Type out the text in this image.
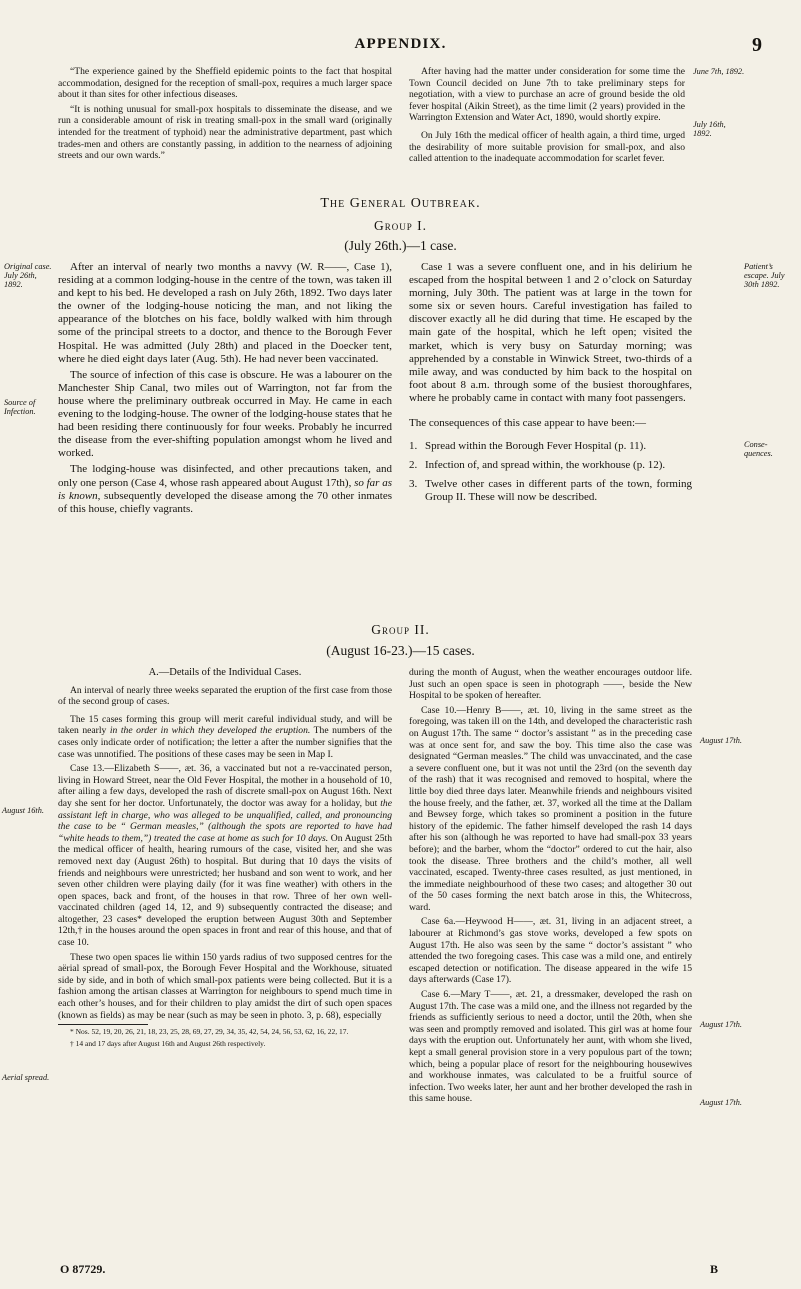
APPENDIX.	9

“The experience gained by the Sheffield epidemic points to the fact that hospital accommodation, designed for the reception of small-pox, requires a much larger space about it than sites for other infectious diseases.

“It is nothing unusual for small-pox hospitals to disseminate the disease, and we run a considerable amount of risk in treating small-pox in the small ward (originally intended for the treatment of typhoid) near the administrative department, past which trades-men and others are constantly passing, in addition to the nearness of adjoining streets and our own wards.”

After having had the matter under consideration for some time the Town Council decided on June 7th to take preliminary steps for negotiation, with a view to purchase an acre of ground beside the old fever hospital (Aikin Street), as the time limit (2 years) provided in the Warrington Extension and Water Act, 1890, would shortly expire.

On July 16th the medical officer of health again, a third time, urged the desirability of more suitable provision for small-pox, and also called attention to the inadequate accommodation for scarlet fever.

June 7th, 1892.
July 16th, 1892.
The General Outbreak.
Group I.
(July 26th.)—1 case.
Original case. July 26th, 1892.
Source of Infection.

After an interval of nearly two months a navvy (W. R——, Case 1), residing at a common lodging-house in the centre of the town, was taken ill and kept to his bed. He developed a rash on July 26th, 1892. Two days later the owner of the lodging-house noticing the man, and not liking the appearance of the blotches on his face, boldly walked with him through some of the principal streets to a doctor, and thence to the Borough Fever Hospital. He was admitted (July 28th) and placed in the Doecker tent, where he died eight days later (Aug. 5th). He had never been vaccinated.

The source of infection of this case is obscure. He was a labourer on the Manchester Ship Canal, two miles out of Warrington, not far from the house where the preliminary outbreak occurred in May. He came in each evening to the lodging-house. The owner of the lodging-house states that he had been residing there continuously for four weeks. Probably he incurred the disease from the ever-shifting population amongst whom he lived and worked.

The lodging-house was disinfected, and other precautions taken, and only one person (Case 4, whose rash appeared about August 17th), so far as is known, subsequently developed the disease among the 70 other inmates of this house, chiefly vagrants.

Case 1 was a severe confluent one, and in his delirium he escaped from the hospital between 1 and 2 o’clock on Saturday morning, July 30th. The patient was at large in the town for some six or seven hours. Careful investigation has failed to discover exactly all he did during that time. He escaped by the main gate of the hospital, which he left open; visited the market, which is very busy on Saturday morning; was apprehended by a constable in Winwick Street, two-thirds of a mile away, and was conducted by him back to the hospital on foot about 8 a.m. through some of the busiest thoroughfares, where he probably came in contact with many foot passengers.

The consequences of this case appear to have been:—

1. Spread within the Borough Fever Hospital (p. 11).

2. Infection of, and spread within, the workhouse (p. 12).

3. Twelve other cases in different parts of the town, forming Group II. These will now be described.

Patient’s escape. July 30th 1892.
Conse-quences.
Group II.
(August 16-23.)—15 cases.
August 16th.
Aerial spread.

A.—Details of the Individual Cases.

An interval of nearly three weeks separated the eruption of the first case from those of the second group of cases.

The 15 cases forming this group will merit careful individual study, and will be taken nearly in the order in which they developed the eruption. The numbers of the cases only indicate order of notification; the letter a after the number signifies that the case was unnotified. The positions of these cases may be seen in Map I.

Case 13.—Elizabeth S——, æt. 36, a vaccinated but not a re-vaccinated person, living in Howard Street, near the Old Fever Hospital, the mother in a household of 10, after ailing a few days, developed the rash of discrete small-pox on August 16th. Next day she sent for her doctor. Unfortunately, the doctor was away for a holiday, but the assistant left in charge, who was alleged to be unqualified, called, and pronouncing the case to be “ German measles,” (although the spots are reported to have had “white heads to them,”) treated the case at home as such for 10 days. On August 25th the medical officer of health, hearing rumours of the case, visited her, and she was removed next day (August 26th) to hospital. But during that 10 days the visits of friends and neighbours were unrestricted; her husband and son went to work, and her seven other children were playing daily (for it was fine weather) with others in the open spaces, back and front, of the houses in that row. Three of her own well-vaccinated children (aged 14, 12, and 9) subsequently contracted the disease; and altogether, 23 cases* developed the eruption between August 30th and September 12th,† in the houses around the open spaces in front and rear of this house, and that of case 10.

These two open spaces lie within 150 yards radius of two supposed centres for the aërial spread of small-pox, the Borough Fever Hospital and the Workhouse, situated side by side, and in both of which small-pox patients were being collected. But it is a fashion among the artisan classes at Warrington for neighbours to spend much time in each other’s houses, and for their children to play amidst the dirt of such open spaces (known as fields) as may be near (such as may be seen in photo. 3, p. 68), especially

* Nos. 52, 19, 20, 26, 21, 18, 23, 25, 28, 69, 27, 29, 34, 35, 42, 54, 24, 56, 53, 62, 16, 22, 17.

† 14 and 17 days after August 16th and August 26th respectively.

during the month of August, when the weather encourages outdoor life. Just such an open space is seen in photograph ——, beside the New Hospital to be spoken of hereafter.

Case 10.—Henry B——, æt. 10, living in the same street as the foregoing, was taken ill on the 14th, and developed the characteristic rash on August 17th. The same “ doctor’s assistant ” as in the preceding case was at once sent for, and saw the boy. This time also the case was designated “German measles.” The child was unvaccinated, and the case a severe confluent one, but it was not until the 23rd (on the seventh day of the rash) that it was recognised and removed to hospital, where the little boy died three days later. Meanwhile friends and neighbours visited the house freely, and the father, æt. 37, worked all the time at the Dallam and Bewsey forge, which takes so prominent a position in the future history of the epidemic. The father himself developed the rash 14 days after his son (although he was reported to have had small-pox 33 years before); and the barber, whom the “doctor” ordered to cut the hair, also took the disease. Three brothers and the child’s mother, all well vaccinated, escaped. Twenty-three cases resulted, as just mentioned, in the immediate neighbourhood of these two cases; and altogether 30 out of the 50 cases forming the next batch arose in this, the Whitecross, ward.

Case 6a.—Heywood H——, æt. 31, living in an adjacent street, a labourer at Richmond’s gas stove works, developed a few spots on August 17th. He also was seen by the same “ doctor’s assistant ” who attended the two foregoing cases. This case was a mild one, and entirely escaped detection or notification. The disease appeared in the wife 15 days afterwards (Case 17).

Case 6.—Mary T——, æt. 21, a dressmaker, developed the rash on August 17th. The case was a mild one, and the illness not regarded by the friends as sufficiently serious to need a doctor, until the 20th, when she was seen and promptly removed and isolated. This girl was at home four days with the eruption out. Unfortunately her aunt, with whom she lived, kept a small general provision store in a very populous part of the town; which, being a popular place of resort for the neighbouring housewives and workhouse inmates, was calculated to be a fruitful source of infection. Two weeks later, her aunt and her brother developed the rash in this same house.

August 17th.
August 17th.
August 17th.
O 87729.	B
